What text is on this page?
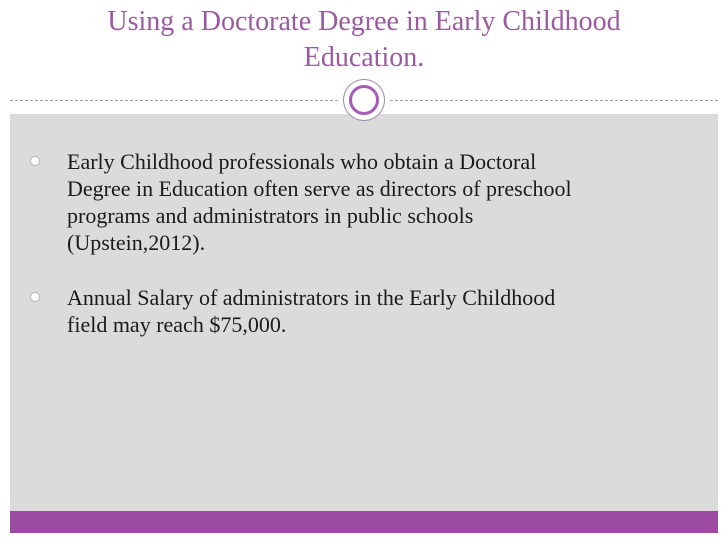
Using a Doctorate Degree in Early Childhood
Education.
Early Childhood professionals who obtain a Doctoral
Degree in Education often serve as directors of preschool
programs and administrators in public schools
(Upstein,2012).
Annual Salary of administrators in the Early Childhood
field may reach $75,000.
